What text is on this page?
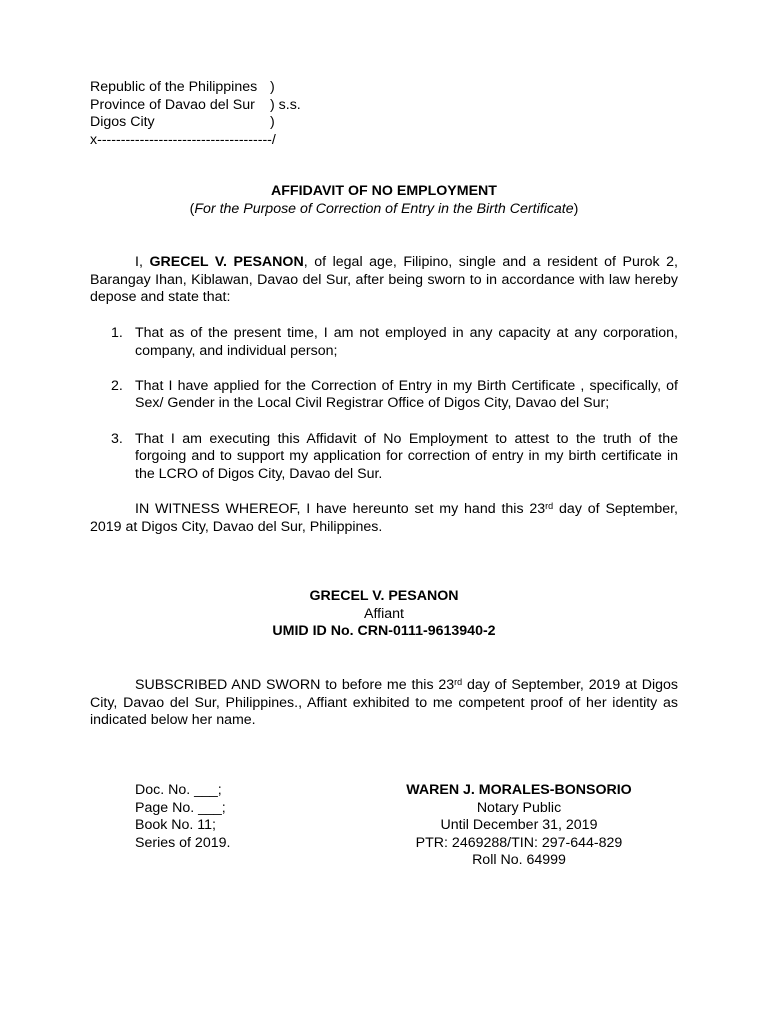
Republic of the Philippines )
Province of Davao del Sur	) s.s.
Digos City	)
x-------------------------------------/
AFFIDAVIT OF NO EMPLOYMENT
(For the Purpose of Correction of Entry in the Birth Certificate)
I, GRECEL V. PESANON, of legal age, Filipino, single and a resident of Purok 2, Barangay Ihan, Kiblawan, Davao del Sur, after being sworn to in accordance with law hereby depose and state that:
1. That as of the present time, I am not employed in any capacity at any corporation, company, and individual person;
2. That I have applied for the Correction of Entry in my Birth Certificate , specifically, of Sex/ Gender in the Local Civil Registrar Office of Digos City, Davao del Sur;
3. That I am executing this Affidavit of No Employment to attest to the truth of the forgoing and to support my application for correction of entry in my birth certificate in the LCRO of Digos City, Davao del Sur.
IN WITNESS WHEREOF, I have hereunto set my hand this 23rd day of September, 2019 at Digos City, Davao del Sur, Philippines.
GRECEL V. PESANON
Affiant
UMID ID No. CRN-0111-9613940-2
SUBSCRIBED AND SWORN to before me this 23rd day of September, 2019 at Digos City, Davao del Sur, Philippines., Affiant exhibited to me competent proof of her identity as indicated below her name.
Doc. No. ___;
Page No. ___;
Book No. 11;
Series of 2019.
WAREN J. MORALES-BONSORIO
Notary Public
Until December 31, 2019
PTR: 2469288/TIN: 297-644-829
Roll No. 64999
